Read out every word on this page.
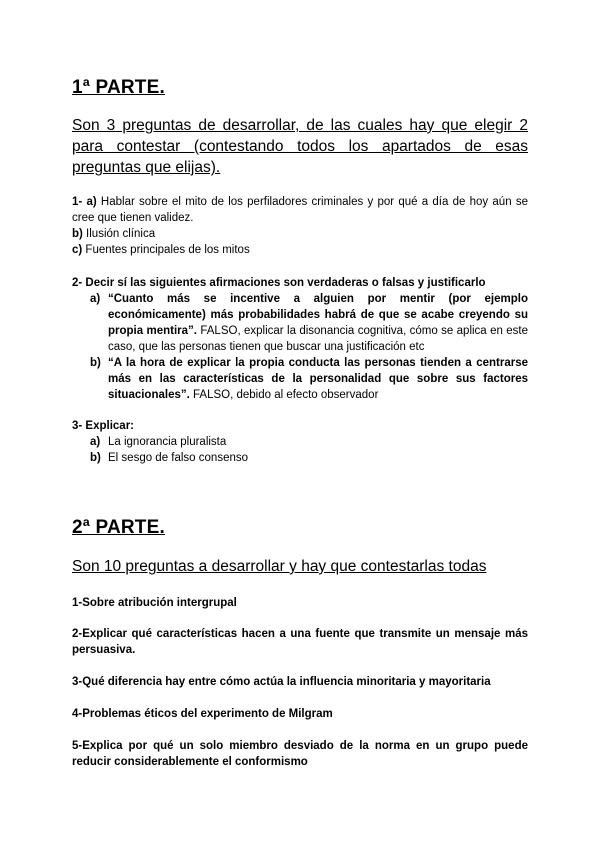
1ª PARTE.
Son 3 preguntas de desarrollar, de las cuales hay que elegir 2 para contestar (contestando todos los apartados de esas preguntas que elijas).
1- a) Hablar sobre el mito de los perfiladores criminales y por qué a día de hoy aún se cree que tienen validez.
b) Ilusión clínica
c) Fuentes principales de los mitos
2- Decir sí las siguientes afirmaciones son verdaderas o falsas y justificarlo
a) “Cuanto más se incentive a alguien por mentir (por ejemplo económicamente) más probabilidades habrá de que se acabe creyendo su propia mentira”. FALSO, explicar la disonancia cognitiva, cómo se aplica en este caso, que las personas tienen que buscar una justificación etc
b) “A la hora de explicar la propia conducta las personas tienden a centrarse más en las características de la personalidad que sobre sus factores situacionales”. FALSO, debido al efecto observador
3- Explicar:
a) La ignorancia pluralista
b) El sesgo de falso consenso
2ª PARTE.
Son 10 preguntas a desarrollar y hay que contestarlas todas
1-Sobre atribución intergrupal
2-Explicar qué características hacen a una fuente que transmite un mensaje más persuasiva.
3-Qué diferencia hay entre cómo actúa la influencia minoritaria y mayoritaria
4-Problemas éticos del experimento de Milgram
5-Explica por qué un solo miembro desviado de la norma en un grupo puede reducir considerablemente el conformismo
